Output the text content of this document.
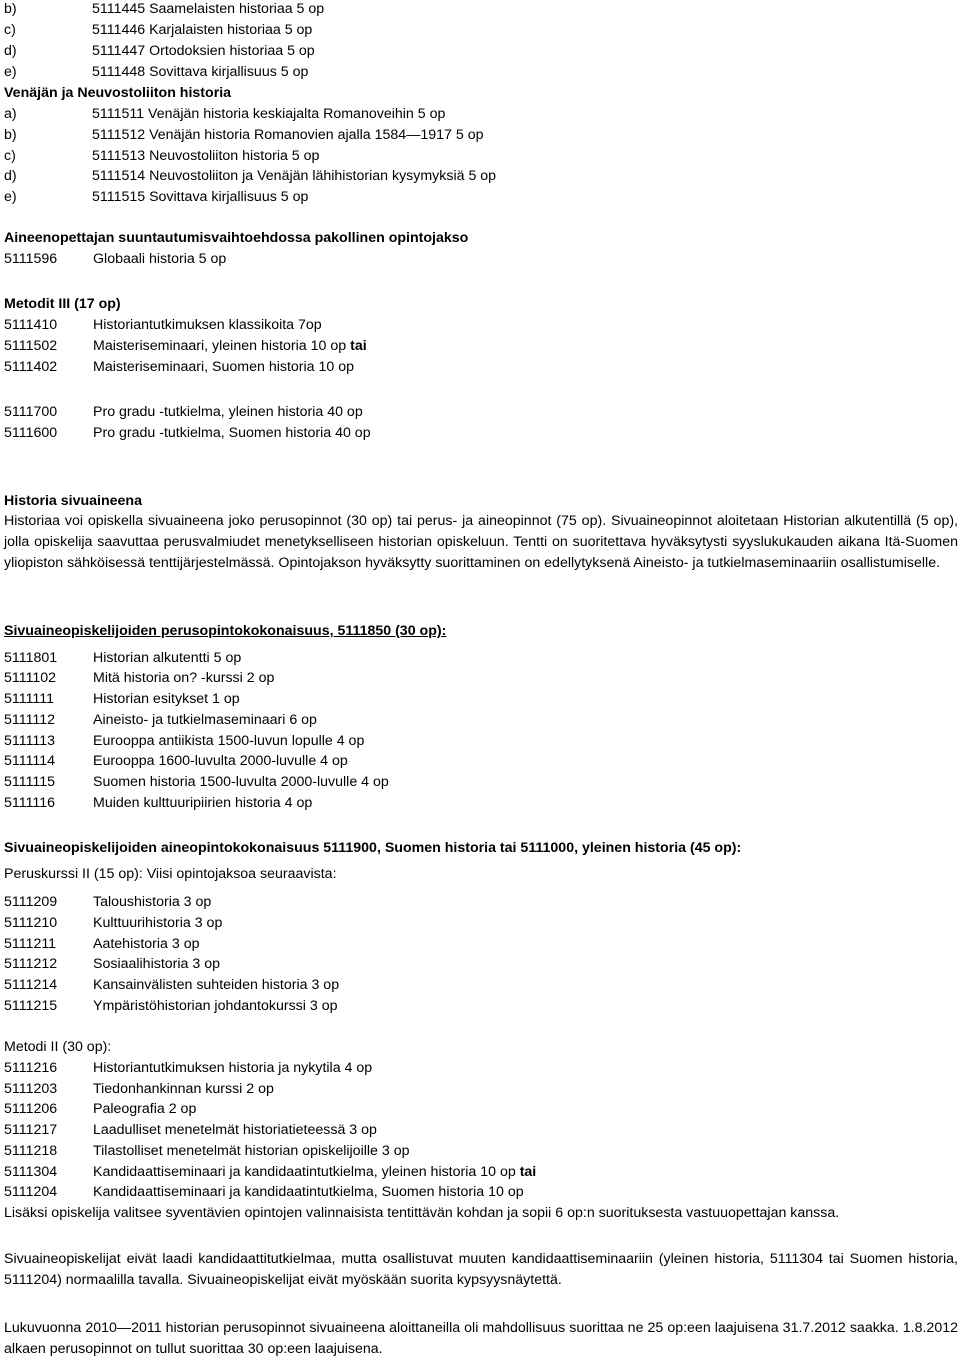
b)	5111445 Saamelaisten historiaa 5 op
c)	5111446 Karjalaisten historiaa 5 op
d)	5111447 Ortodoksien historiaa 5 op
e)	5111448 Sovittava kirjallisuus 5 op
Venäjän ja Neuvostoliiton historia
a)	5111511 Venäjän historia keskiajalta Romanoveihin 5 op
b)	5111512 Venäjän historia Romanovien ajalla 1584—1917 5 op
c)	5111513 Neuvostoliiton historia 5 op
d)	5111514 Neuvostoliiton ja Venäjän lähihistorian kysymyksiä 5 op
e)	5111515 Sovittava kirjallisuus 5 op
Aineenopettajan suuntautumisvaihtoehdossa pakollinen opintojakso
5111596	Globaali historia 5 op
Metodit III (17 op)
5111410	Historiantutkimuksen klassikoita 7op
5111502	Maisteriseminaari, yleinen historia 10 op tai
5111402	Maisteriseminaari, Suomen historia 10 op
5111700	Pro gradu -tutkielma, yleinen historia 40 op
5111600	Pro gradu -tutkielma, Suomen historia 40 op
Historia sivuaineena

Historiaa voi opiskella sivuaineena joko perusopinnot (30 op) tai perus- ja aineopinnot (75 op). Sivuaineopinnot aloitetaan Historian alkutentillä (5 op), jolla opiskelija saavuttaa perusvalmiudet menetykselliseen historian opiskeluun. Tentti on suoritettava hyväksytysti syyslukukauden aikana Itä-Suomen yliopiston sähköisessä tenttijärjestelmässä. Opintojakson hyväksytty suorittaminen on edellytyksenä Aineisto- ja tutkielmaseminaariin osallistumiselle.

Sivuaineopiskelijoiden perusopintokokonaisuus, 5111850 (30 op):
5111801	Historian alkutentti 5 op
5111102	Mitä historia on? -kurssi 2 op
5111111	Historian esitykset 1 op
5111112	Aineisto- ja tutkielmaseminaari 6 op
5111113	Eurooppa antiikista 1500-luvun lopulle 4 op
5111114	Eurooppa 1600-luvulta 2000-luvulle 4 op
5111115	Suomen historia 1500-luvulta 2000-luvulle 4 op
5111116	Muiden kulttuuripiirien historia 4 op
Sivuaineopiskelijoiden aineopintokokonaisuus 5111900, Suomen historia tai 5111000, yleinen historia (45 op):
Peruskurssi II (15 op): Viisi opintojaksoa seuraavista:
5111209	Taloushistoria 3 op
5111210	Kulttuurihistoria 3 op
5111211	Aatehistoria 3 op
5111212	Sosiaalihistoria 3 op
5111214	Kansainvälisten suhteiden historia 3 op
5111215	Ympäristöhistorian johdantokurssi 3 op
Metodi II (30 op):
5111216	Historiantutkimuksen historia ja nykytila 4 op
5111203	Tiedonhankinnan kurssi 2 op
5111206	Paleografia 2 op
5111217	Laadulliset menetelmät historiatieteessä 3 op
5111218	Tilastolliset menetelmät historian opiskelijoille 3 op
5111304	Kandidaattiseminaari ja kandidaatintutkielma, yleinen historia 10 op tai
5111204	Kandidaattiseminaari ja kandidaatintutkielma, Suomen historia 10 op
Lisäksi opiskelija valitsee syventävien opintojen valinnaisista tentittävän kohdan ja sopii 6 op:n suorituksesta vastuuopettajan kanssa.

Sivuaineopiskelijat eivät laadi kandidaattitutkielmaa, mutta osallistuvat muuten kandidaattiseminaariin (yleinen historia, 5111304 tai Suomen historia, 5111204) normaalilla tavalla. Sivuaineopiskelijat eivät myöskään suorita kypsyysnäytettä.

Lukuvuonna 2010—2011 historian perusopinnot sivuaineena aloittaneilla oli mahdollisuus suorittaa ne 25 op:een laajuisena 31.7.2012 saakka. 1.8.2012 alkaen perusopinnot on tullut suorittaa 30 op:een laajuisena.
